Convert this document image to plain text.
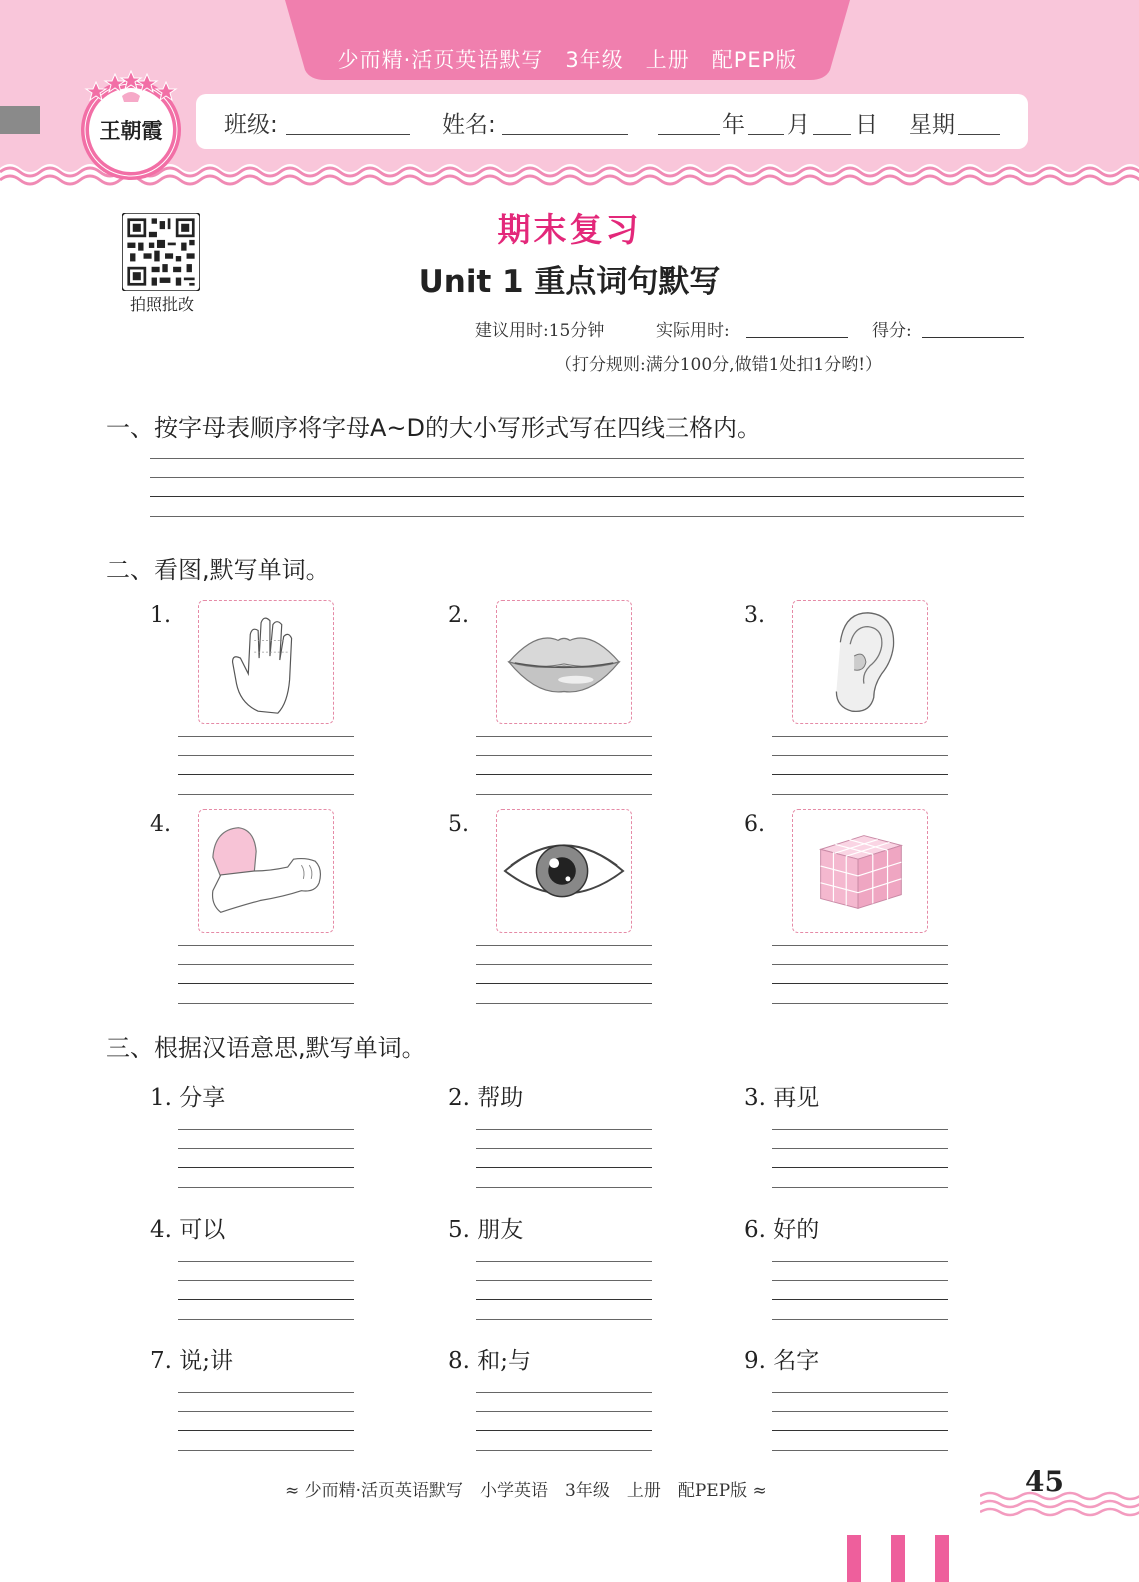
少而精·活页英语默写　3年级　上册　配PEP版
王朝霞	班级:	姓名:	年 月 日 星期
拍照批改
期末复习
Unit 1 重点词句默写
建议用时:15分钟	实际用时:	得分:
（打分规则:满分100分,做错1处扣1分哟!）
一、按字母表顺序将字母A~D的大小写形式写在四线三格内。
二、看图,默写单词。
1.	2.	3.
4.	5.	6.
三、根据汉语意思,默写单词。
1. 分享	2. 帮助	3. 再见
4. 可以	5. 朋友	6. 好的
7. 说;讲	8. 和;与	9. 名字
≈ 少而精·活页英语默写　小学英语　3年级　上册　配PEP版 ≈	45
